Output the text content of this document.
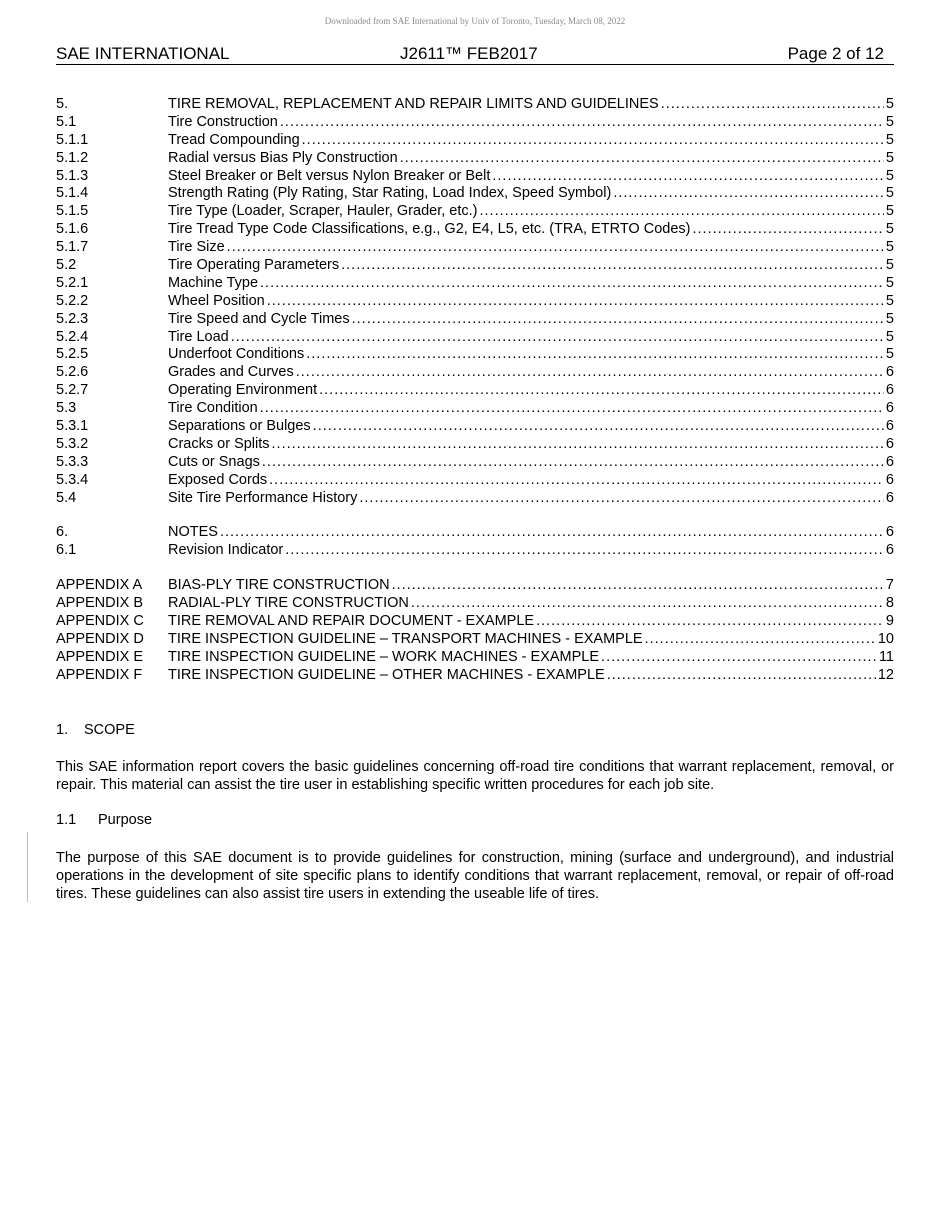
Downloaded from SAE International by Univ of Toronto, Tuesday, March 08, 2022
SAE INTERNATIONAL	J2611™ FEB2017	Page 2 of 12
5.	TIRE REMOVAL, REPLACEMENT AND REPAIR LIMITS AND GUIDELINES .....	5
5.1	Tire Construction .....	5
5.1.1	Tread Compounding .....	5
5.1.2	Radial versus Bias Ply Construction .....	5
5.1.3	Steel Breaker or Belt versus Nylon Breaker or Belt .....	5
5.1.4	Strength Rating (Ply Rating, Star Rating, Load Index, Speed Symbol) .....	5
5.1.5	Tire Type (Loader, Scraper, Hauler, Grader, etc.) .....	5
5.1.6	Tire Tread Type Code Classifications, e.g., G2, E4, L5, etc. (TRA, ETRTO Codes) .....	5
5.1.7	Tire Size .....	5
5.2	Tire Operating Parameters .....	5
5.2.1	Machine Type .....	5
5.2.2	Wheel Position .....	5
5.2.3	Tire Speed and Cycle Times .....	5
5.2.4	Tire Load .....	5
5.2.5	Underfoot Conditions .....	5
5.2.6	Grades and Curves .....	6
5.2.7	Operating Environment .....	6
5.3	Tire Condition .....	6
5.3.1	Separations or Bulges .....	6
5.3.2	Cracks or Splits .....	6
5.3.3	Cuts or Snags .....	6
5.3.4	Exposed Cords .....	6
5.4	Site Tire Performance History .....	6
6.	NOTES .....	6
6.1	Revision Indicator .....	6
APPENDIX A	BIAS-PLY TIRE CONSTRUCTION .....	7
APPENDIX B	RADIAL-PLY TIRE CONSTRUCTION .....	8
APPENDIX C	TIRE REMOVAL AND REPAIR DOCUMENT - EXAMPLE .....	9
APPENDIX D	TIRE INSPECTION GUIDELINE – TRANSPORT MACHINES - EXAMPLE .....	10
APPENDIX E	TIRE INSPECTION GUIDELINE – WORK MACHINES - EXAMPLE .....	11
APPENDIX F	TIRE INSPECTION GUIDELINE – OTHER MACHINES - EXAMPLE .....	12
1. SCOPE
This SAE information report covers the basic guidelines concerning off-road tire conditions that warrant replacement, removal, or repair. This material can assist the tire user in establishing specific written procedures for each job site.
1.1 Purpose
The purpose of this SAE document is to provide guidelines for construction, mining (surface and underground), and industrial operations in the development of site specific plans to identify conditions that warrant replacement, removal, or repair of off-road tires. These guidelines can also assist tire users in extending the useable life of tires.
